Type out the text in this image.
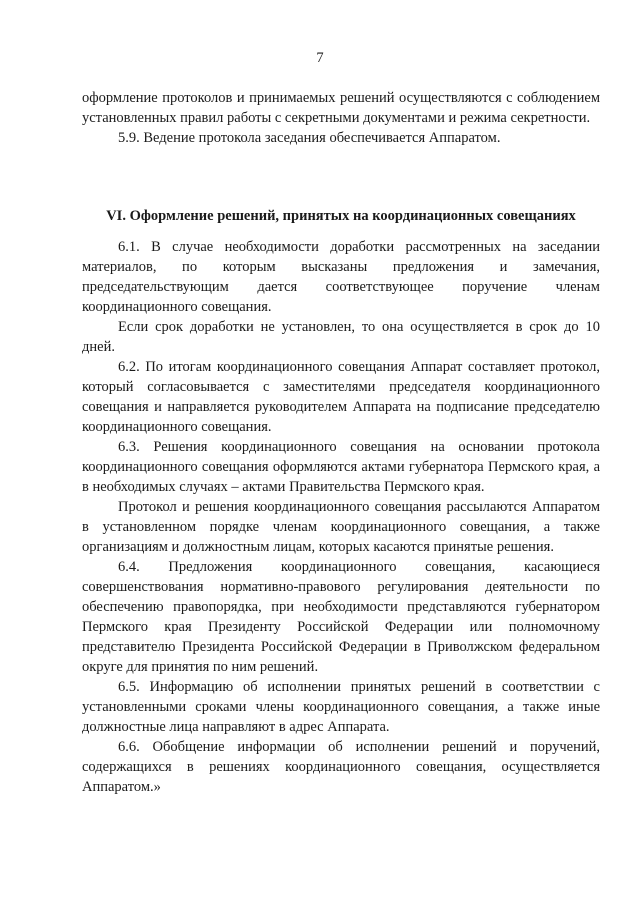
7

оформление протоколов и принимаемых решений осуществляются с соблюдением установленных правил работы с секретными документами и режима секретности.

5.9. Ведение протокола заседания обеспечивается Аппаратом.

VI. Оформление решений, принятых на координационных совещаниях

6.1. В случае необходимости доработки рассмотренных на заседании материалов, по которым высказаны предложения и замечания, председательствующим дается соответствующее поручение членам координационного совещания.

Если срок доработки не установлен, то она осуществляется в срок до 10 дней.

6.2. По итогам координационного совещания Аппарат составляет протокол, который согласовывается с заместителями председателя координационного совещания и направляется руководителем Аппарата на подписание председателю координационного совещания.

6.3. Решения координационного совещания на основании протокола координационного совещания оформляются актами губернатора Пермского края, а в необходимых случаях – актами Правительства Пермского края.

Протокол и решения координационного совещания рассылаются Аппаратом в установленном порядке членам координационного совещания, а также организациям и должностным лицам, которых касаются принятые решения.

6.4. Предложения координационного совещания, касающиеся совершенствования нормативно-правового регулирования деятельности по обеспечению правопорядка, при необходимости представляются губернатором Пермского края Президенту Российской Федерации или полномочному представителю Президента Российской Федерации в Приволжском федеральном округе для принятия по ним решений.

6.5. Информацию об исполнении принятых решений в соответствии с установленными сроками члены координационного совещания, а также иные должностные лица направляют в адрес Аппарата.

6.6. Обобщение информации об исполнении решений и поручений, содержащихся в решениях координационного совещания, осуществляется Аппаратом.»
